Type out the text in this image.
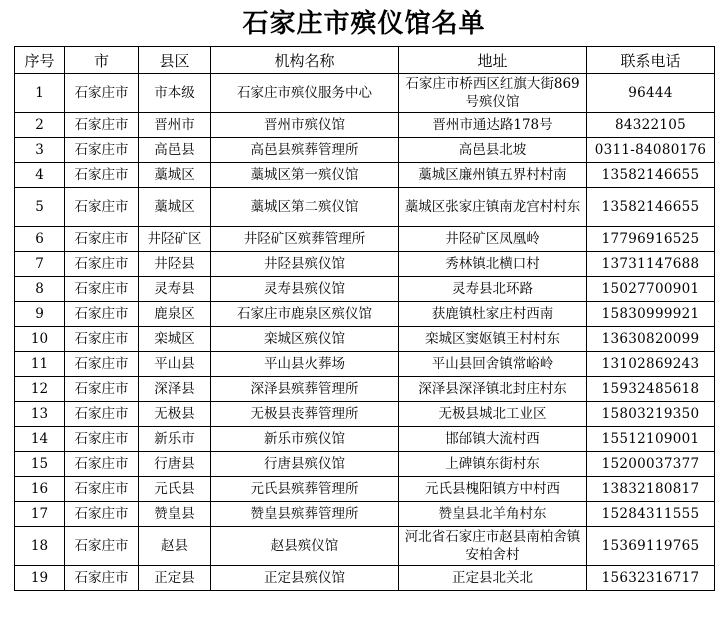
石家庄市殡仪馆名单
序号	市	县区	机构名称	地址	联系电话
1	石家庄市	市本级	石家庄市殡仪服务中心	石家庄市桥西区红旗大街869号殡仪馆	96444
2	石家庄市	晋州市	晋州市殡仪馆	晋州市通达路178号	84322105
3	石家庄市	高邑县	高邑县殡葬管理所	高邑县北坡	0311-84080176
4	石家庄市	藁城区	藁城区第一殡仪馆	藁城区廉州镇五界村村南	13582146655
5	石家庄市	藁城区	藁城区第二殡仪馆	藁城区张家庄镇南龙宫村村东	13582146655
6	石家庄市	井陉矿区	井陉矿区殡葬管理所	井陉矿区凤凰岭	17796916525
7	石家庄市	井陉县	井陉县殡仪馆	秀林镇北横口村	13731147688
8	石家庄市	灵寿县	灵寿县殡仪馆	灵寿县北环路	15027700901
9	石家庄市	鹿泉区	石家庄市鹿泉区殡仪馆	获鹿镇杜家庄村西南	15830999921
10	石家庄市	栾城区	栾城区殡仪馆	栾城区窦妪镇王村村东	13630820099
11	石家庄市	平山县	平山县火葬场	平山县回舍镇常峪岭	13102869243
12	石家庄市	深泽县	深泽县殡葬管理所	深泽县深泽镇北封庄村东	15932485618
13	石家庄市	无极县	无极县丧葬管理所	无极县城北工业区	15803219350
14	石家庄市	新乐市	新乐市殡仪馆	邯邰镇大流村西	15512109001
15	石家庄市	行唐县	行唐县殡仪馆	上碑镇东街村东	15200037377
16	石家庄市	元氏县	元氏县殡葬管理所	元氏县槐阳镇方中村西	13832180817
17	石家庄市	赞皇县	赞皇县殡葬管理所	赞皇县北羊角村东	15284311555
18	石家庄市	赵县	赵县殡仪馆	河北省石家庄市赵县南柏舍镇安柏舍村	15369119765
19	石家庄市	正定县	正定县殡仪馆	正定县北关北	15632316717
